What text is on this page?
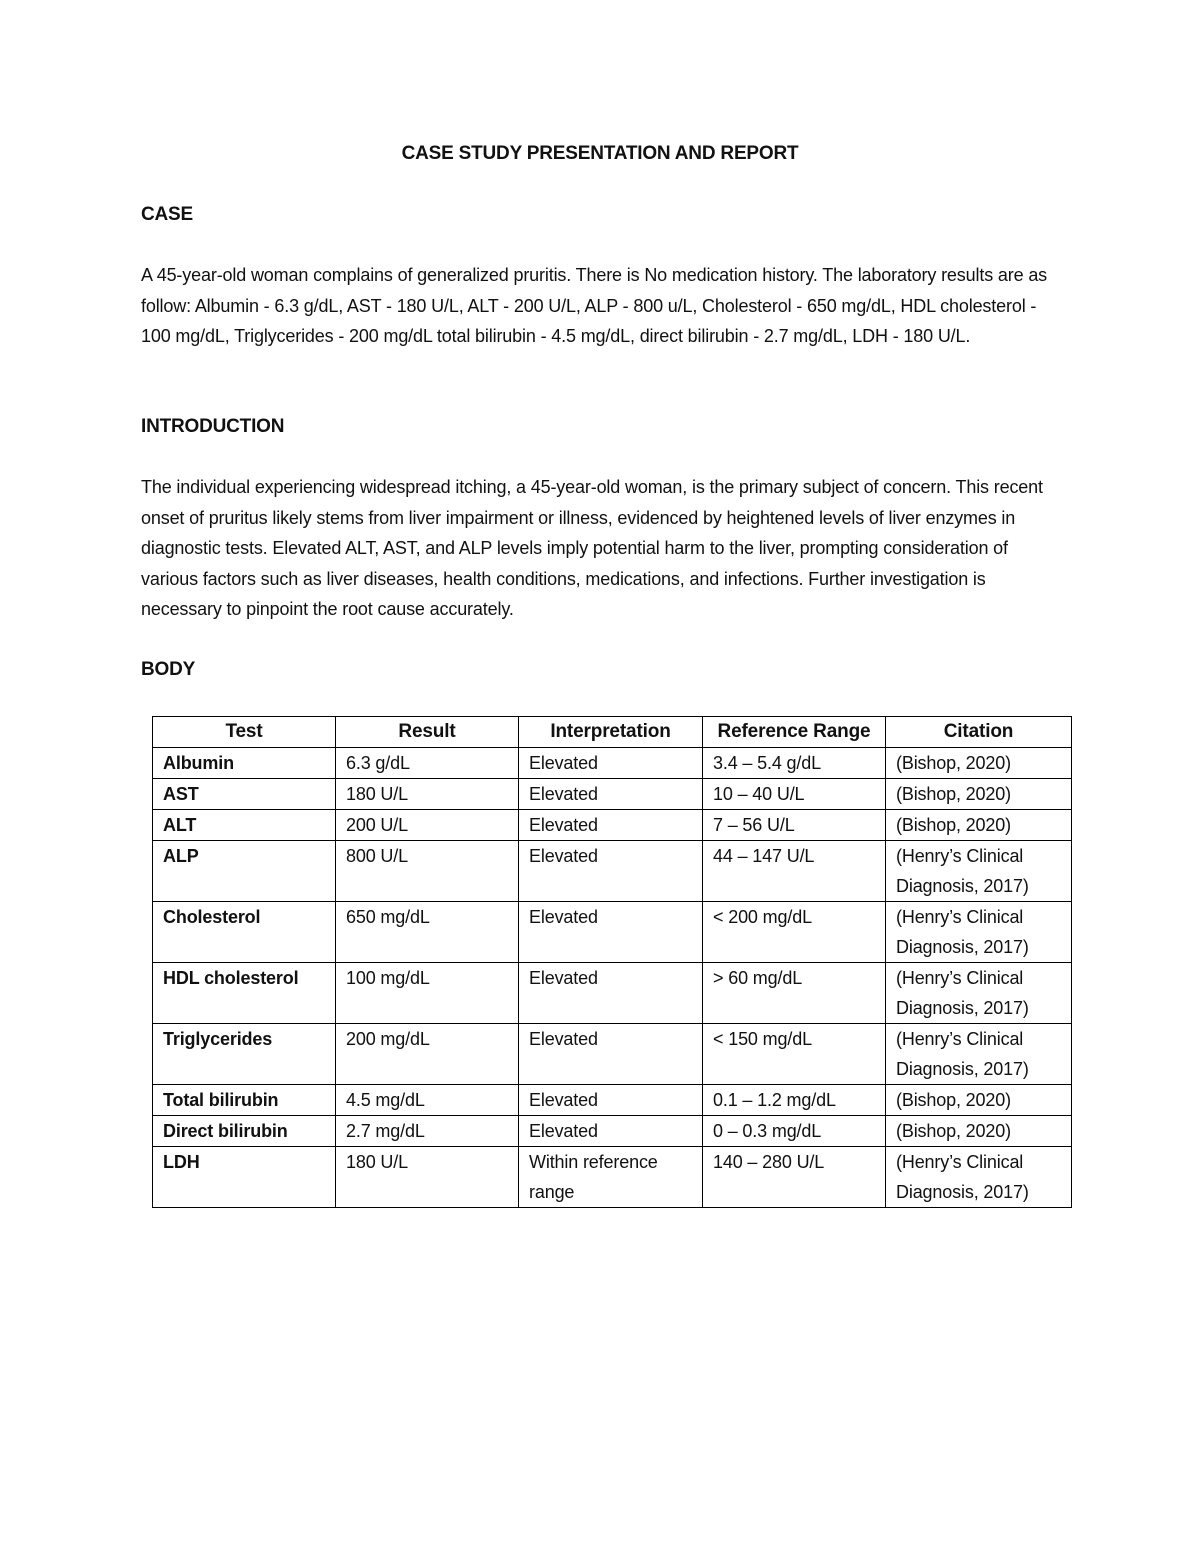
CASE STUDY PRESENTATION AND REPORT
CASE
A 45-year-old woman complains of generalized pruritis. There is No medication history. The laboratory results are as follow: Albumin - 6.3 g/dL, AST - 180 U/L, ALT - 200 U/L, ALP - 800 u/L, Cholesterol - 650 mg/dL, HDL cholesterol - 100 mg/dL, Triglycerides - 200 mg/dL total bilirubin - 4.5 mg/dL, direct bilirubin - 2.7 mg/dL, LDH - 180 U/L.
INTRODUCTION
The individual experiencing widespread itching, a 45-year-old woman, is the primary subject of concern. This recent onset of pruritus likely stems from liver impairment or illness, evidenced by heightened levels of liver enzymes in diagnostic tests. Elevated ALT, AST, and ALP levels imply potential harm to the liver, prompting consideration of various factors such as liver diseases, health conditions, medications, and infections. Further investigation is necessary to pinpoint the root cause accurately.
BODY
Test	Result	Interpretation	Reference Range	Citation
Albumin	6.3 g/dL	Elevated	3.4 – 5.4 g/dL	(Bishop, 2020)
AST	180 U/L	Elevated	10 – 40 U/L	(Bishop, 2020)
ALT	200 U/L	Elevated	7 – 56 U/L	(Bishop, 2020)
ALP	800 U/L	Elevated	44 – 147 U/L	(Henry’s Clinical Diagnosis, 2017)
Cholesterol	650 mg/dL	Elevated	< 200 mg/dL	(Henry’s Clinical Diagnosis, 2017)
HDL cholesterol	100 mg/dL	Elevated	> 60 mg/dL	(Henry’s Clinical Diagnosis, 2017)
Triglycerides	200 mg/dL	Elevated	< 150 mg/dL	(Henry’s Clinical Diagnosis, 2017)
Total bilirubin	4.5 mg/dL	Elevated	0.1 – 1.2 mg/dL	(Bishop, 2020)
Direct bilirubin	2.7 mg/dL	Elevated	0 – 0.3 mg/dL	(Bishop, 2020)
LDH	180 U/L	Within reference range	140 – 280 U/L	(Henry’s Clinical Diagnosis, 2017)
